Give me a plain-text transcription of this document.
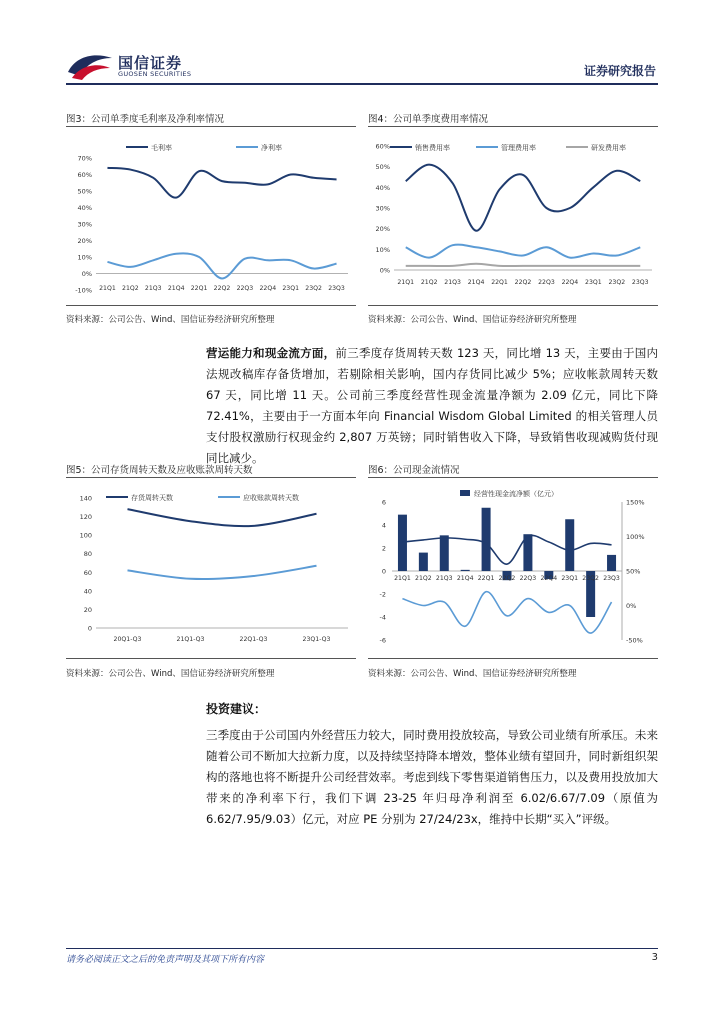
国信证券
GUOSEN SECURITIES	证券研究报告
图3：公司单季度毛利率及净利率情况
70%
60%
50%
40%
30%
20%
10%
0%
-10% 21Q1 21Q2 21Q3 21Q4 22Q1 22Q2 22Q3 22Q4 23Q1 23Q2 23Q3
毛利率	净利率
资料来源：公司公告、Wind、国信证券经济研究所整理
图4：公司单季度费用率情况
60%
50%
40%
30%
20%
10%
0%
21Q1 21Q2 21Q3 21Q4 22Q1 22Q2 22Q3 22Q4 23Q1 23Q2 23Q3
销售费用率	管理费用率	研发费用率
资料来源：公司公告、Wind、国信证券经济研究所整理
营运能力和现金流方面，前三季度存货周转天数 123 天，同比增 13 天，主要由于国内法规改稿库存备货增加，若剔除相关影响，国内存货同比减少 5%；应收帐款周转天数 67 天，同比增 11 天。公司前三季度经营性现金流量净额为 2.09 亿元，同比下降 72.41%，主要由于一方面本年向 Financial Wisdom Global Limited 的相关管理人员支付股权激励行权现金约 2,807 万英镑；同时销售收入下降，导致销售收现减购货付现同比减少。
图5：公司存货周转天数及应收账款周转天数
140
120
100
80
60
40
20
0
20Q1-Q3	21Q1-Q3	22Q1-Q3	23Q1-Q3
存货周转天数	应收账款周转天数
资料来源：公司公告、Wind、国信证券经济研究所整理
图6：公司现金流情况
6
4
2
0
-2
-4
-6
150%
100%
50%
0%
-50%
21Q1 21Q2 21Q3 21Q4 22Q1 22Q2 22Q3 22Q4 23Q1 23Q2 23Q3
经营性现金流净额（亿元）
资料来源：公司公告、Wind、国信证券经济研究所整理
投资建议：
三季度由于公司国内外经营压力较大，同时费用投放较高，导致公司业绩有所承压。未来随着公司不断加大拉新力度，以及持续坚持降本增效，整体业绩有望回升，同时新组织架构的落地也将不断提升公司经营效率。考虑到线下零售渠道销售压力，以及费用投放加大带来的净利率下行，我们下调 23-25 年归母净利润至 6.02/6.67/7.09（原值为 6.62/7.95/9.03）亿元，对应 PE 分别为 27/24/23x，维持中长期“买入”评级。
请务必阅读正文之后的免责声明及其项下所有内容	3
